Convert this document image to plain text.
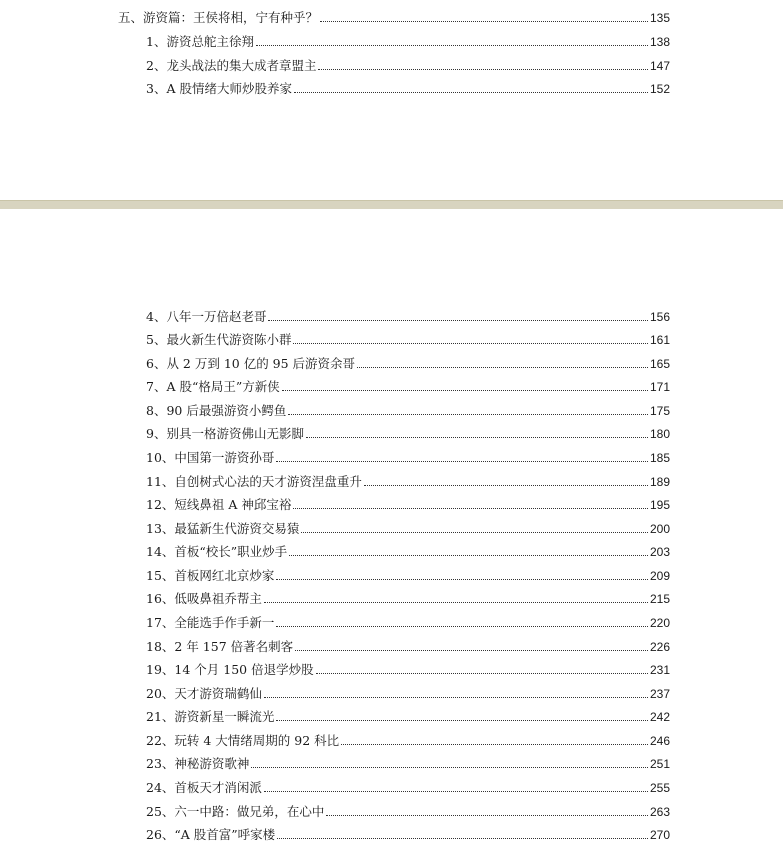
五、游资篇：王侯将相，宁有种乎？	135
1、游资总舵主徐翔	138
2、龙头战法的集大成者章盟主	147
3、A 股情绪大师炒股养家	152
4、八年一万倍赵老哥	156
5、最火新生代游资陈小群	161
6、从 2 万到 10 亿的 95 后游资余哥	165
7、A 股“格局王”方新侠	171
8、90 后最强游资小鳄鱼	175
9、别具一格游资佛山无影脚	180
10、中国第一游资孙哥	185
11、自创树式心法的天才游资涅盘重升	189
12、短线鼻祖 A 神邱宝裕	195
13、最猛新生代游资交易猿	200
14、首板“校长”职业炒手	203
15、首板网红北京炒家	209
16、低吸鼻祖乔帮主	215
17、全能选手作手新一	220
18、2 年 157 倍著名刺客	226
19、14 个月 150 倍退学炒股	231
20、天才游资瑞鹤仙	237
21、游资新星一瞬流光	242
22、玩转 4 大情绪周期的 92 科比	246
23、神秘游资歌神	251
24、首板天才消闲派	255
25、六一中路：做兄弟，在心中	263
26、“A 股首富”呼家楼	270
